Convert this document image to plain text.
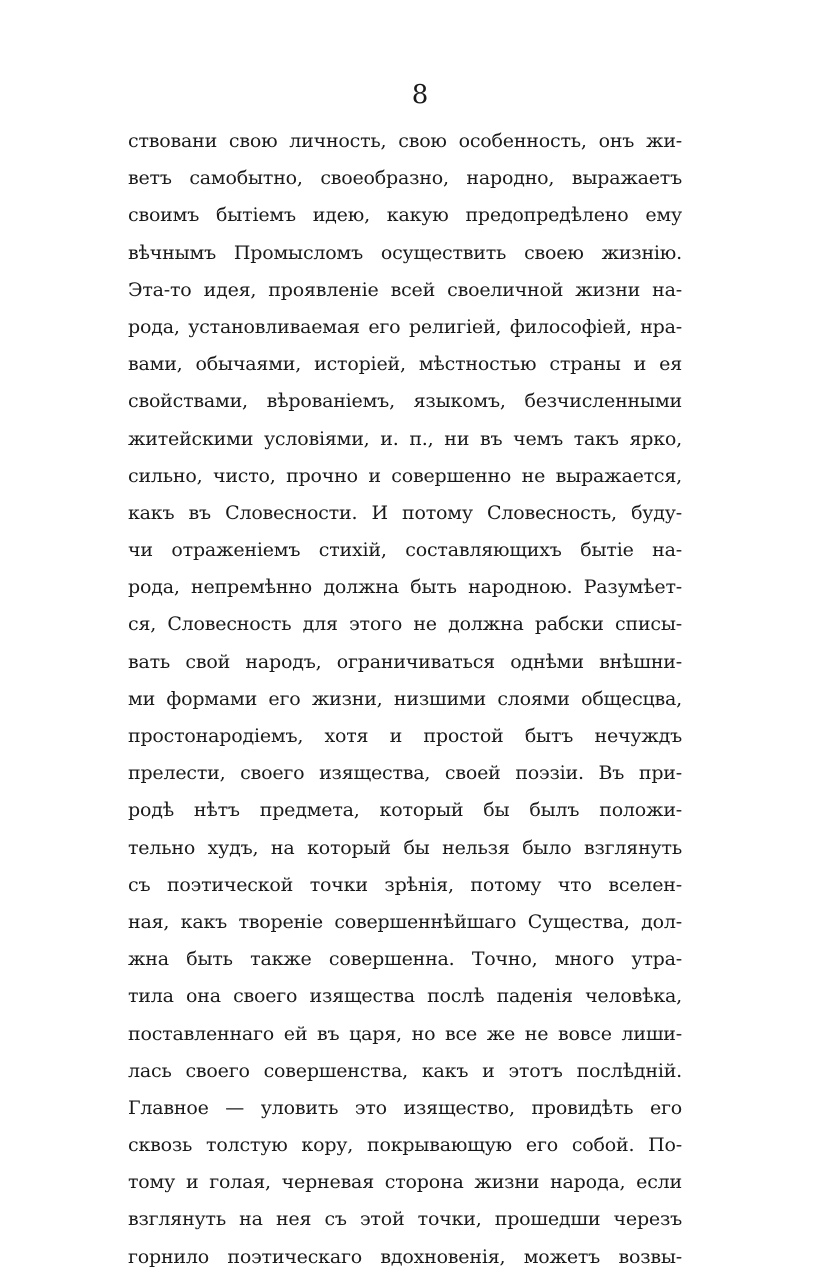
8
ствовани свою личность, свою особенность, онъ жи-
ветъ самобытно, своеобразно, народно, выражаетъ
своимъ бытіемъ идею, какую предопредѣлено ему
вѣчнымъ Промысломъ осуществить своею жизнію.
Эта-то идея, проявленіе всей своеличной жизни на-
рода, установливаемая его религіей, философіей, нра-
вами, обычаями, исторіей, мѣстностью страны и ея
свойствами, вѣрованіемъ, языкомъ, безчисленными
житейскими условіями, и. п., ни въ чемъ такъ ярко,
сильно, чисто, прочно и совершенно не выражается,
какъ въ Словесности. И потому Словесность, буду-
чи отраженіемъ стихій, составляющихъ бытіе на-
рода, непремѣнно должна быть народною. Разумѣет-
ся, Словесность для этого не должна рабски списы-
вать свой народъ, ограничиваться однѣми внѣшни-
ми формами его жизни, низшими слоями общесцва,
простонародіемъ, хотя и простой бытъ нечуждъ
прелести, своего изящества, своей поэзіи. Въ при-
родѣ нѣтъ предмета, который бы былъ положи-
тельно худъ, на который бы нельзя было взглянуть
съ поэтической точки зрѣнія, потому что вселен-
ная, какъ твореніе совершеннѣйшаго Существа, дол-
жна быть также совершенна. Точно, много утра-
тила она своего изящества послѣ паденія человѣка,
поставленнаго ей въ царя, но все же не вовсе лиши-
лась своего совершенства, какъ и этотъ послѣдній.
Главное — уловить это изящество, провидѣть его
сквозь толстую кору, покрывающую его собой. По-
тому и голая, черневая сторона жизни народа, если
взглянуть на нея съ этой точки, прошедши черезъ
горнило поэтическаго вдохновенія, можетъ возвы-
